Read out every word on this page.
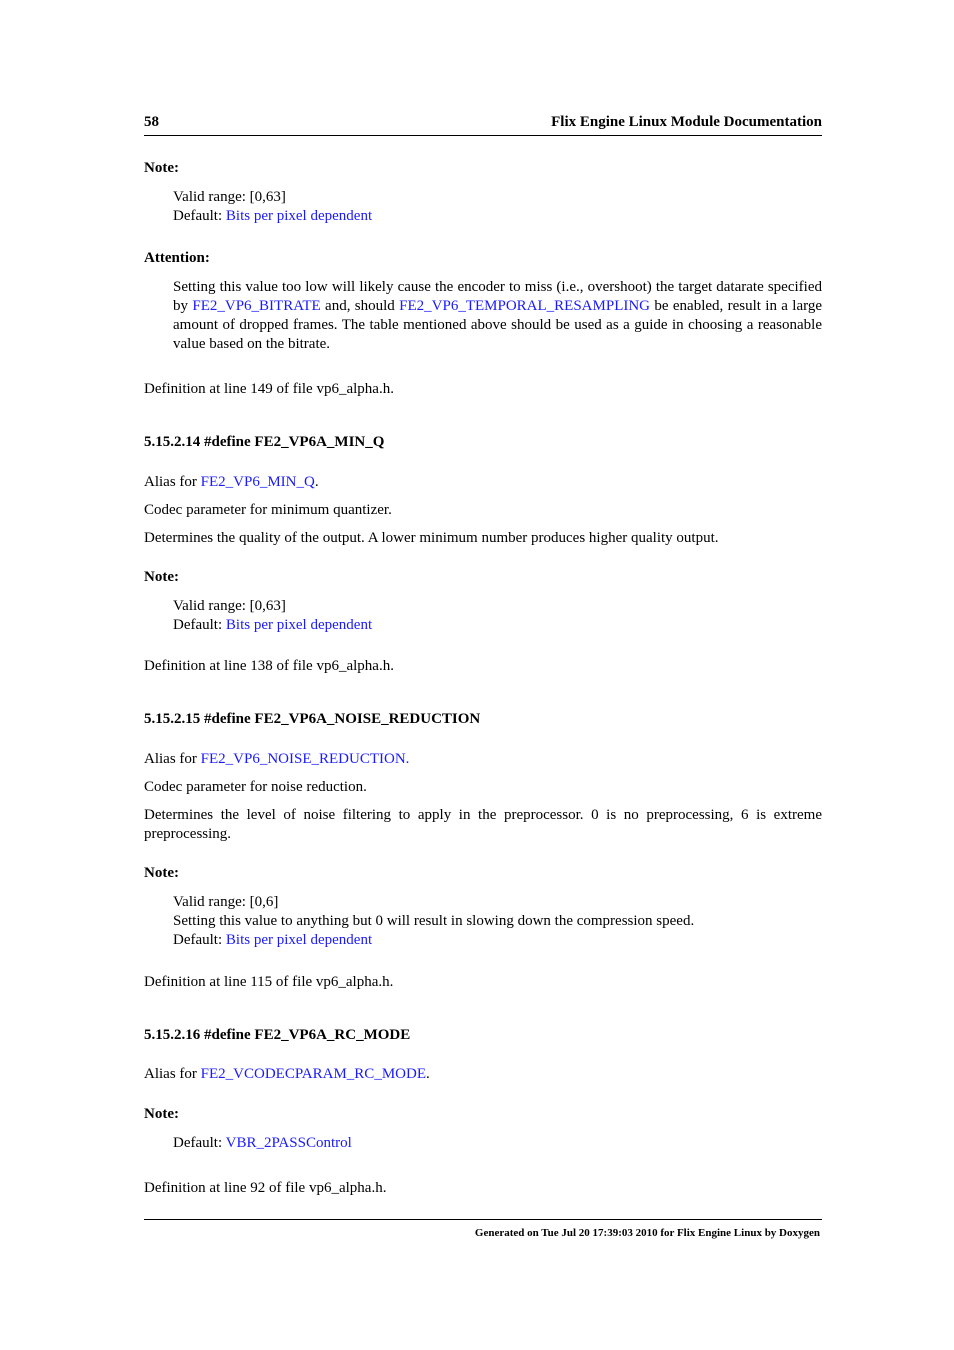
58	Flix Engine Linux Module Documentation
Note:
Valid range: [0,63]
Default: Bits per pixel dependent
Attention:
Setting this value too low will likely cause the encoder to miss (i.e., overshoot) the target datarate specified by FE2_VP6_BITRATE and, should FE2_VP6_TEMPORAL_RESAMPLING be enabled, result in a large amount of dropped frames. The table mentioned above should be used as a guide in choosing a reasonable value based on the bitrate.
Definition at line 149 of file vp6_alpha.h.
5.15.2.14 #define FE2_VP6A_MIN_Q
Alias for FE2_VP6_MIN_Q.
Codec parameter for minimum quantizer.
Determines the quality of the output. A lower minimum number produces higher quality output.
Note:
Valid range: [0,63]
Default: Bits per pixel dependent
Definition at line 138 of file vp6_alpha.h.
5.15.2.15 #define FE2_VP6A_NOISE_REDUCTION
Alias for FE2_VP6_NOISE_REDUCTION.
Codec parameter for noise reduction.
Determines the level of noise filtering to apply in the preprocessor. 0 is no preprocessing, 6 is extreme preprocessing.
Note:
Valid range: [0,6]
Setting this value to anything but 0 will result in slowing down the compression speed.
Default: Bits per pixel dependent
Definition at line 115 of file vp6_alpha.h.
5.15.2.16 #define FE2_VP6A_RC_MODE
Alias for FE2_VCODECPARAM_RC_MODE.
Note:
Default: VBR_2PASSControl
Definition at line 92 of file vp6_alpha.h.
Generated on Tue Jul 20 17:39:03 2010 for Flix Engine Linux by Doxygen
